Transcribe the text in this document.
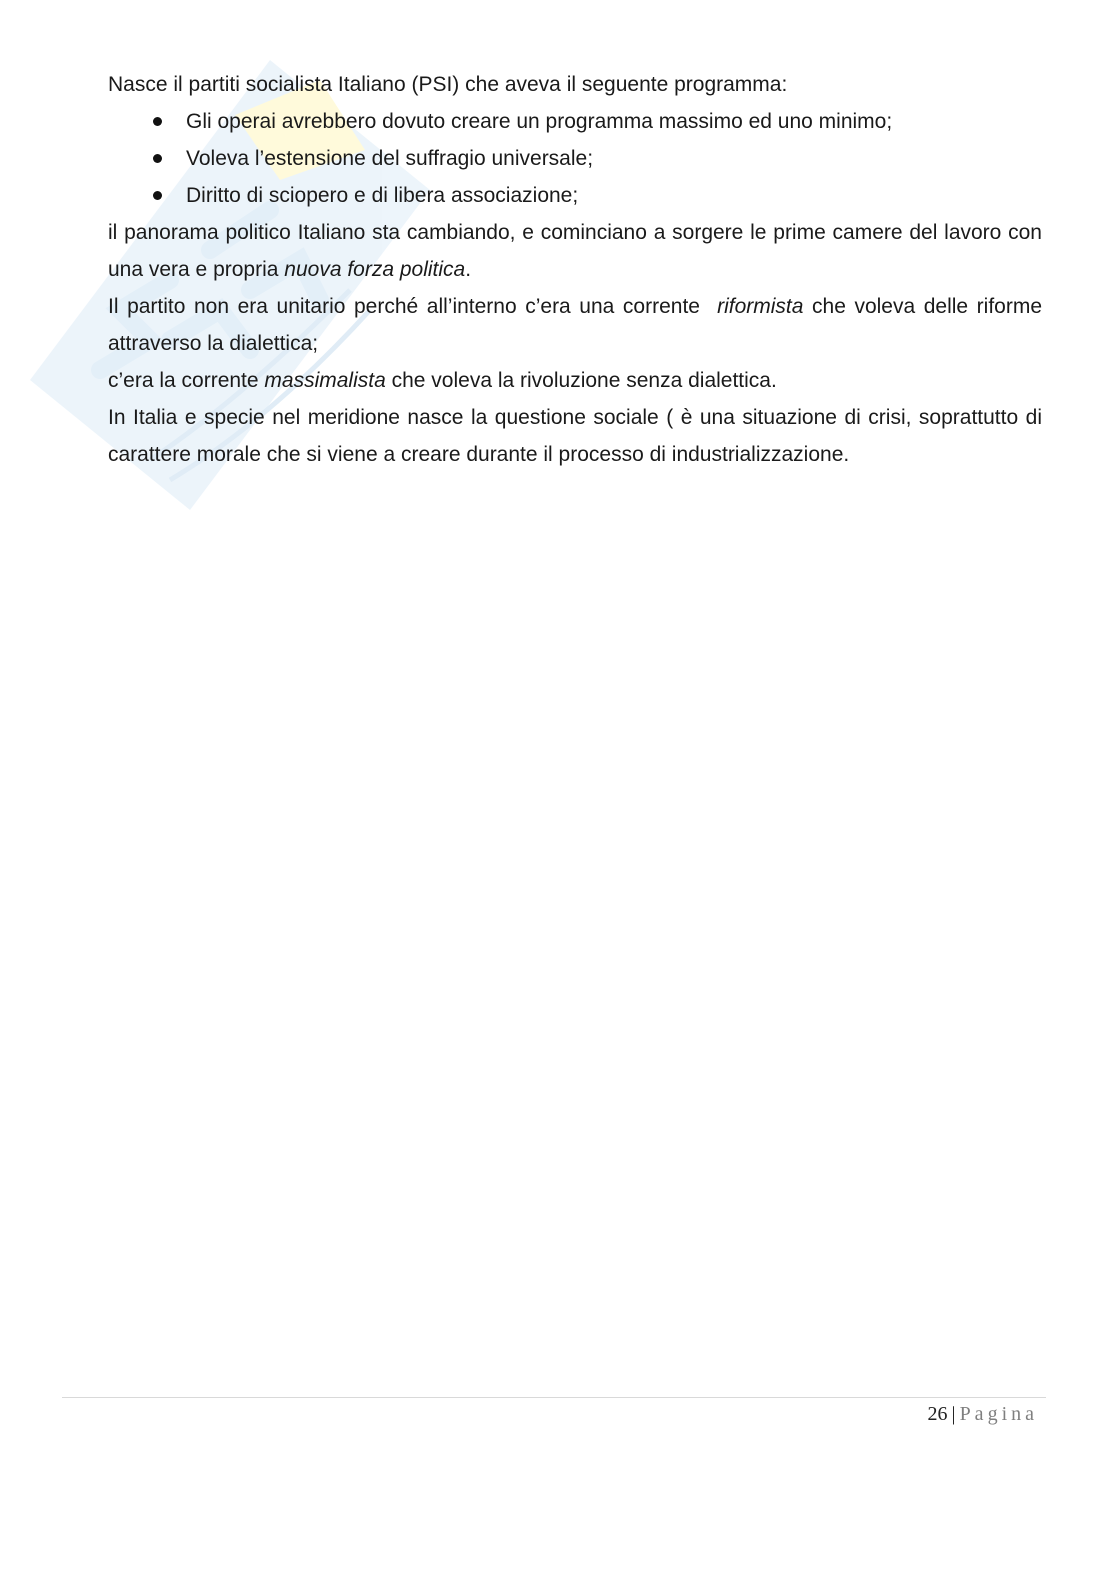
Nasce il partiti socialista Italiano (PSI) che aveva il seguente programma:

Gli operai avrebbero dovuto creare un programma massimo ed uno minimo;
Voleva l’estensione del suffragio universale;
Diritto di sciopero e di libera associazione;

il panorama politico Italiano sta cambiando, e cominciano a sorgere le prime camere del lavoro con una vera e propria nuova forza politica.

Il partito non era unitario perché all’interno c’era una corrente  riformista che voleva delle riforme attraverso la dialettica;

c’era la corrente massimalista che voleva la rivoluzione senza dialettica.

In Italia e specie nel meridione nasce la questione sociale ( è una situazione di crisi, soprattutto di carattere morale che si viene a creare durante il processo di industrializzazione.

26 | Pagina
